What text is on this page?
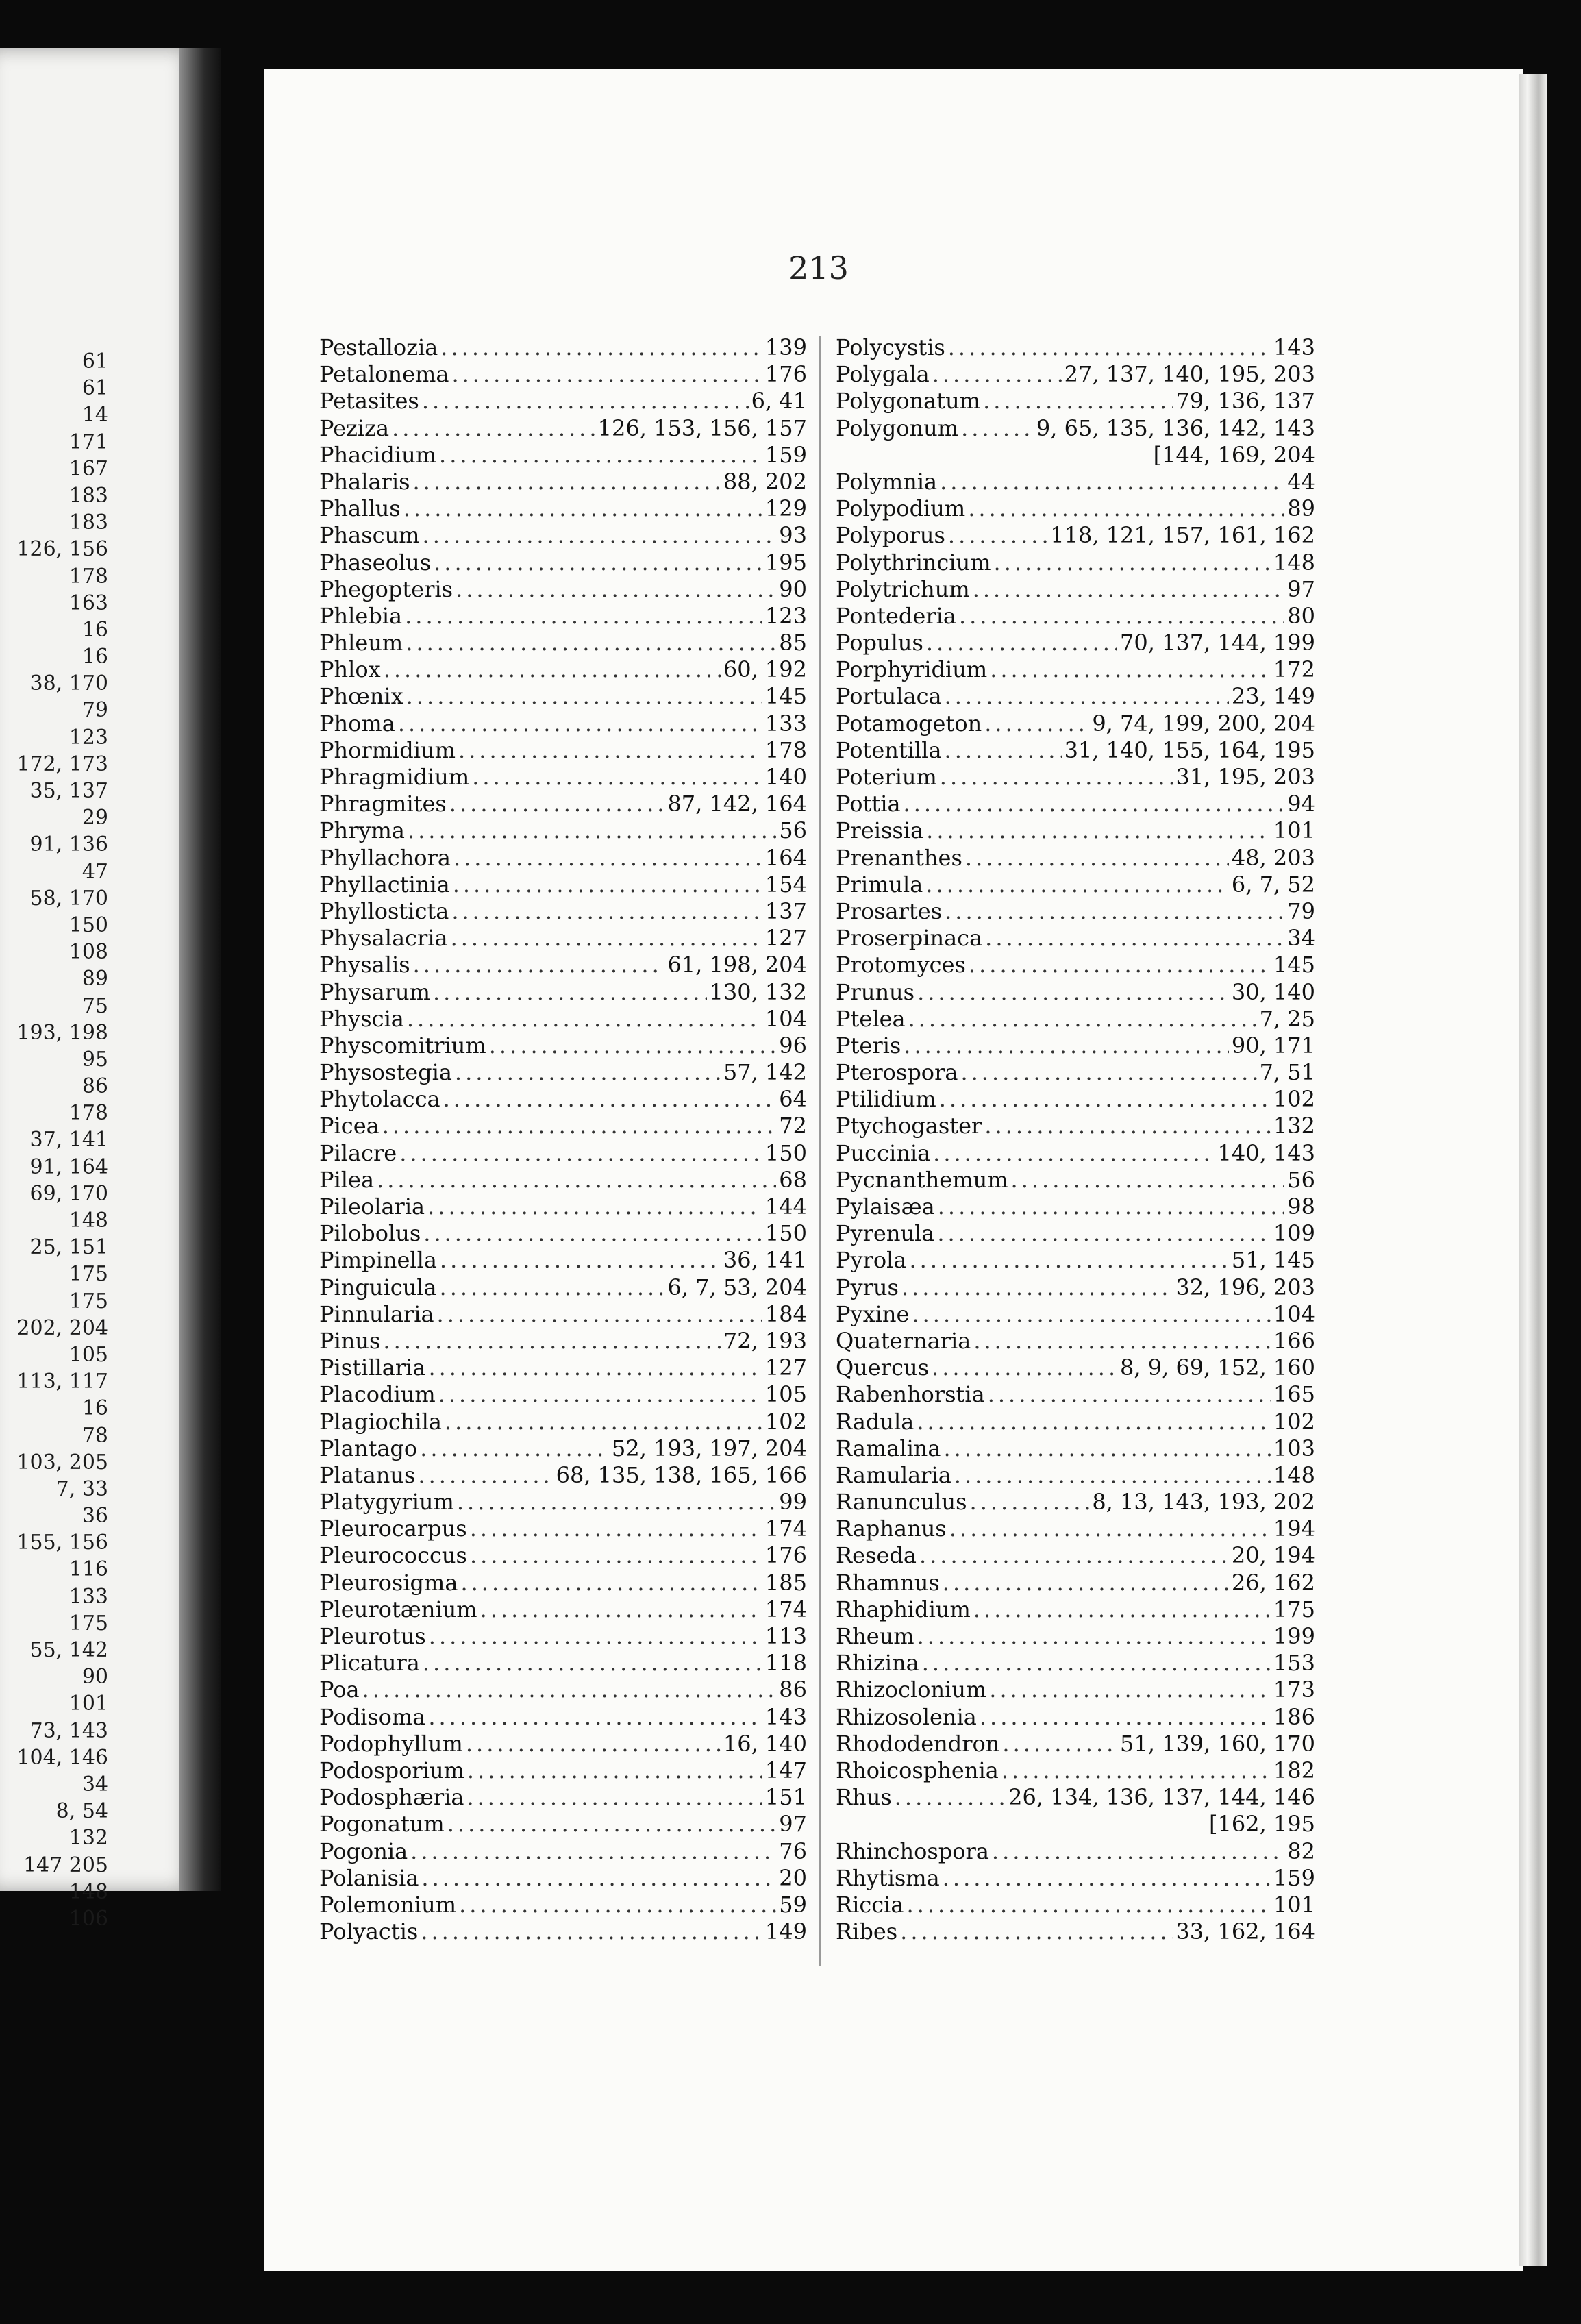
61
61
14
171
167
183
183
126, 156
178
163
16
16
38, 170
79
123
172, 173
35, 137
29
91, 136
47
58, 170
150
108
89
75
193, 198
95
86
178
37, 141
91, 164
69, 170
148
25, 151
175
175
202, 204
105
113, 117
16
78
103, 205
7, 33
36
155, 156
116
133
175
55, 142
90
101
73, 143
104, 146
34
8, 54
132
147 205
148
106
213
Pestallozia .....	139
Petalonema .....	176
Petasites .....	6, 41
Peziza .....	126, 153, 156, 157
Phacidium .....	159
Phalaris .....	88, 202
Phallus .....	129
Phascum .....	93
Phaseolus .....	195
Phegopteris .....	90
Phlebia .....	123
Phleum .....	85
Phlox .....	60, 192
Phœnix .....	145
Phoma .....	133
Phormidium .....	178
Phragmidium .....	140
Phragmites .....	87, 142, 164
Phryma .....	56
Phyllachora .....	164
Phyllactinia .....	154
Phyllosticta .....	137
Physalacria .....	127
Physalis .....	61, 198, 204
Physarum .....	130, 132
Physcia .....	104
Physcomitrium .....	96
Physostegia .....	57, 142
Phytolacca .....	64
Picea .....	72
Pilacre .....	150
Pilea .....	68
Pileolaria .....	144
Pilobolus .....	150
Pimpinella .....	36, 141
Pinguicula .....	6, 7, 53, 204
Pinnularia .....	184
Pinus .....	72, 193
Pistillaria .....	127
Placodium .....	105
Plagiochila .....	102
Plantago .....	52, 193, 197, 204
Platanus .....	68, 135, 138, 165, 166
Platygyrium .....	99
Pleurocarpus .....	174
Pleurococcus .....	176
Pleurosigma .....	185
Pleurotænium .....	174
Pleurotus .....	113
Plicatura .....	118
Poa .....	86
Podisoma .....	143
Podophyllum .....	16, 140
Podosporium .....	147
Podosphæria .....	151
Pogonatum .....	97
Pogonia .....	76
Polanisia .....	20
Polemonium .....	59
Polyactis .....	149
Polycystis .....	143
Polygala .....	27, 137, 140, 195, 203
Polygonatum .....	79, 136, 137
Polygonum .....	9, 65, 135, 136, 142, 143
[144, 169, 204
Polymnia .....	44
Polypodium .....	89
Polyporus .....	118, 121, 157, 161, 162
Polythrincium .....	148
Polytrichum .....	97
Pontederia .....	80
Populus .....	70, 137, 144, 199
Porphyridium .....	172
Portulaca .....	23, 149
Potamogeton .....	9, 74, 199, 200, 204
Potentilla .....	31, 140, 155, 164, 195
Poterium .....	31, 195, 203
Pottia .....	94
Preissia .....	101
Prenanthes .....	48, 203
Primula .....	6, 7, 52
Prosartes .....	79
Proserpinaca .....	34
Protomyces .....	145
Prunus .....	30, 140
Ptelea .....	7, 25
Pteris .....	90, 171
Pterospora .....	7, 51
Ptilidium .....	102
Ptychogaster .....	132
Puccinia .....	140, 143
Pycnanthemum .....	56
Pylaisæa .....	98
Pyrenula .....	109
Pyrola .....	51, 145
Pyrus .....	32, 196, 203
Pyxine .....	104
Quaternaria .....	166
Quercus .....	8, 9, 69, 152, 160
Rabenhorstia .....	165
Radula .....	102
Ramalina .....	103
Ramularia .....	148
Ranunculus .....	8, 13, 143, 193, 202
Raphanus .....	194
Reseda .....	20, 194
Rhamnus .....	26, 162
Rhaphidium .....	175
Rheum .....	199
Rhizina .....	153
Rhizoclonium .....	173
Rhizosolenia .....	186
Rhododendron .....	51, 139, 160, 170
Rhoicosphenia .....	182
Rhus .....	26, 134, 136, 137, 144, 146
[162, 195
Rhinchospora .....	82
Rhytisma .....	159
Riccia .....	101
Ribes .....	33, 162, 164
